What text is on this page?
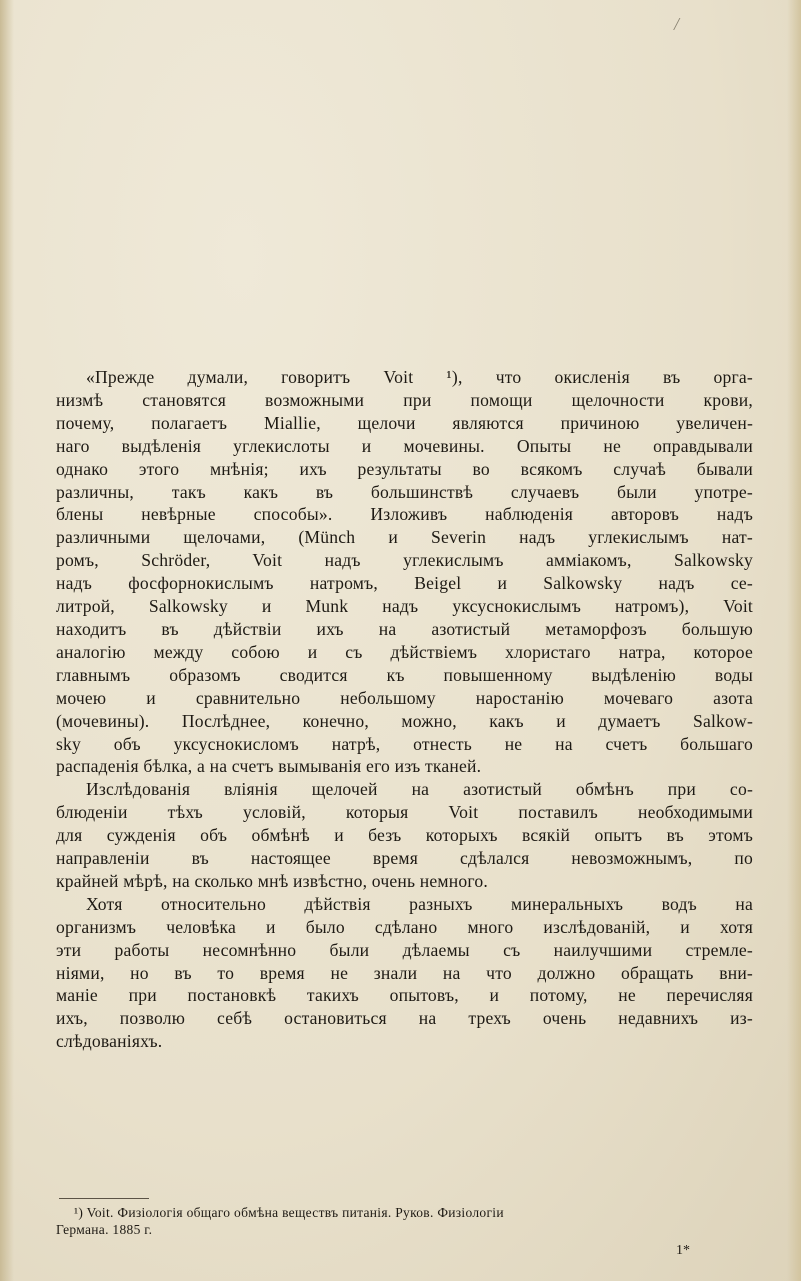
/
«Прежде думали, говоритъ Voit ¹), что окисленія въ орга-
низмѣ становятся возможными при помощи щелочности крови,
почему, полагаетъ Miallie, щелочи являются причиною увеличен-
наго выдѣленія углекислоты и мочевины. Опыты не оправдывали
однако этого мнѣнія; ихъ результаты во всякомъ случаѣ бывали
различны, такъ какъ въ большинствѣ случаевъ были употре-
блены невѣрные способы». Изложивъ наблюденія авторовъ надъ
различными щелочами, (Münch и Severin надъ углекислымъ нат-
ромъ, Schröder, Voit надъ углекислымъ амміакомъ, Salkowsky
надъ фосфорнокислымъ натромъ, Beigel и Salkowsky надъ се-
литрой, Salkowsky и Munk надъ уксуснокислымъ натромъ), Voit
находитъ въ дѣйствіи ихъ на азотистый метаморфозъ большую
аналогію между собою и съ дѣйствіемъ хлористаго натра, которое
главнымъ образомъ сводится къ повышенному выдѣленію воды
мочею и сравнительно небольшому наростанію мочеваго азота
(мочевины). Послѣднее, конечно, можно, какъ и думаетъ Salkow-
sky объ уксуснокисломъ натрѣ, отнесть не на счетъ большаго
распаденія бѣлка, а на счетъ вымыванія его изъ тканей.
Изслѣдованія вліянія щелочей на азотистый обмѣнъ при со-
блюденіи тѣхъ условій, которыя Voit поставилъ необходимыми
для сужденія объ обмѣнѣ и безъ которыхъ всякій опытъ въ этомъ
направленіи въ настоящее время сдѣлался невозможнымъ, по
крайней мѣрѣ, на сколько мнѣ извѣстно, очень немного.
Хотя относительно дѣйствія разныхъ минеральныхъ водъ на
организмъ человѣка и было сдѣлано много изслѣдованій, и хотя
эти работы несомнѣнно были дѣлаемы съ наилучшими стремле-
ніями, но въ то время не знали на что должно обращать вни-
маніе при постановкѣ такихъ опытовъ, и потому, не перечисляя
ихъ, позволю себѣ остановиться на трехъ очень недавнихъ из-
слѣдованіяхъ.
¹) Voit. Физіологія общаго обмѣна веществъ питанія. Руков. Физіологіи
Германа. 1885 г.
1*
